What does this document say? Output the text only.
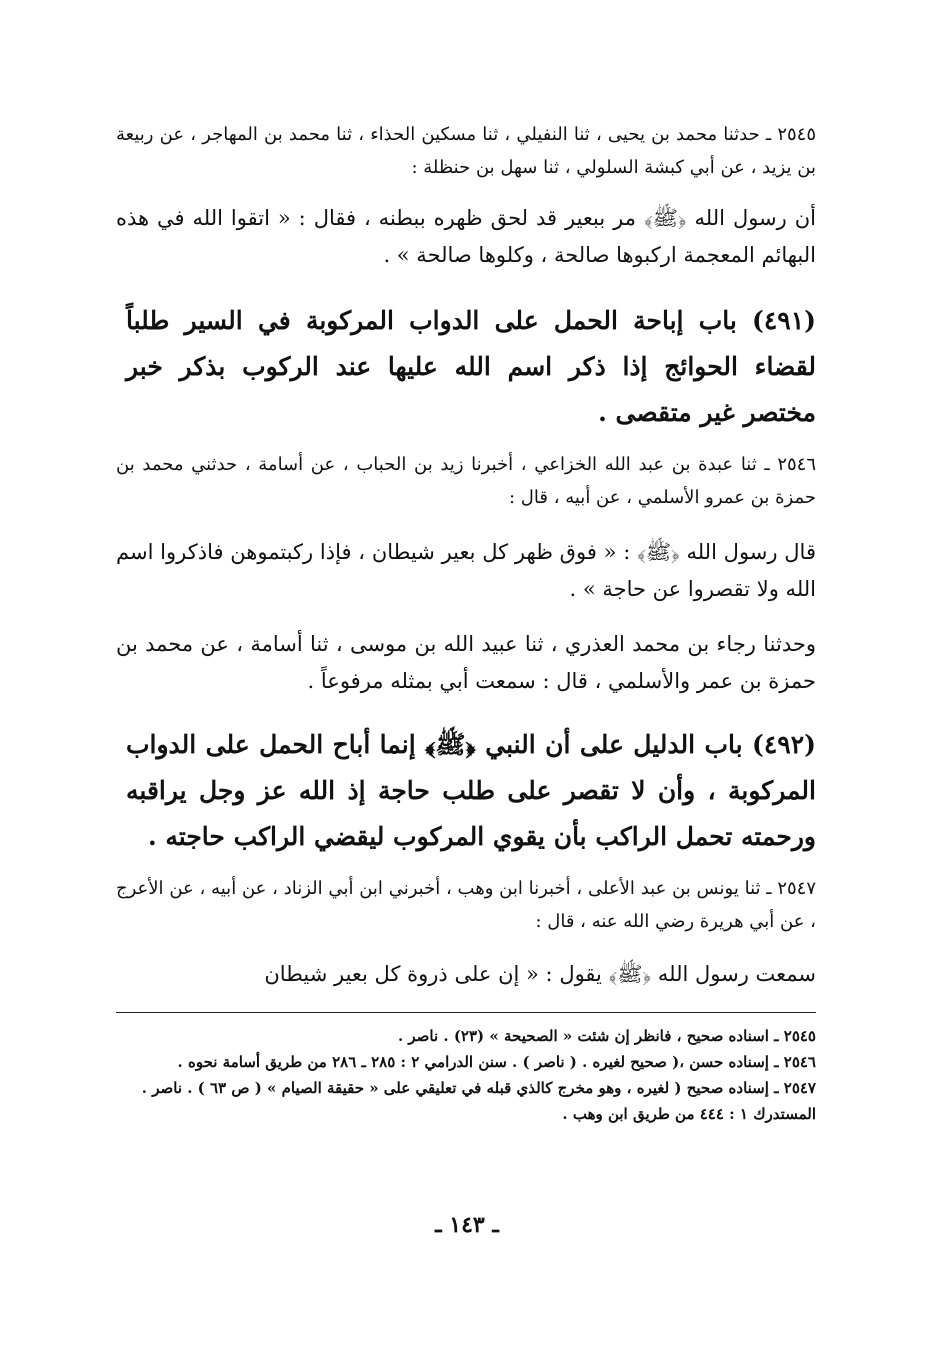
٢٥٤٥ ـ حدثنا محمد بن يحيى ، ثنا النفيلي ، ثنا مسكين الحذاء ، ثنا محمد بن المهاجر ، عن ربيعة بن يزيد ، عن أبي كبشة السلولي ، ثنا سهل بن حنظلة :

أن رسول الله ﴿ﷺ﴾ مر ببعير قد لحق ظهره ببطنه ، فقال : « اتقوا الله في هذه البهائم المعجمة اركبوها صالحة ، وكلوها صالحة » .

(٤٩١) باب إباحة الحمل على الدواب المركوبة في السير طلباً لقضاء الحوائج إذا ذكر اسم الله عليها عند الركوب بذكر خبر مختصر غير متقصى .

٢٥٤٦ ـ ثنا عبدة بن عبد الله الخزاعي ، أخبرنا زيد بن الحباب ، عن أسامة ، حدثني محمد بن حمزة بن عمرو الأسلمي ، عن أبيه ، قال :

قال رسول الله ﴿ﷺ﴾ : « فوق ظهر كل بعير شيطان ، فإذا ركبتموهن فاذكروا اسم الله ولا تقصروا عن حاجة » .

وحدثنا رجاء بن محمد العذري ، ثنا عبيد الله بن موسى ، ثنا أسامة ، عن محمد بن حمزة بن عمر والأسلمي ، قال : سمعت أبي بمثله مرفوعاً .

(٤٩٢) باب الدليل على أن النبي ﴿ﷺ﴾ إنما أباح الحمل على الدواب المركوبة ، وأن لا تقصر على طلب حاجة إذ الله عز وجل يراقبه ورحمته تحمل الراكب بأن يقوي المركوب ليقضي الراكب حاجته .

٢٥٤٧ ـ ثنا يونس بن عبد الأعلى ، أخبرنا ابن وهب ، أخبرني ابن أبي الزناد ، عن أبيه ، عن الأعرج ، عن أبي هريرة رضي الله عنه ، قال :

سمعت رسول الله ﴿ﷺ﴾ يقول : « إن على ذروة كل بعير شيطان

٢٥٤٥ ـ اسناده صحيح ، فانظر إن شئت « الصحيحة » (٢٣) . ناصر .

٢٥٤٦ ـ إسناده حسن ،( صحيح لغيره . ( ناصر ) . سنن الدرامي ٢ : ٢٨٥ ـ ٢٨٦ من طريق أسامة نحوه .

٢٥٤٧ ـ إسناده صحيح ( لغيره ، وهو مخرج كالذي قبله في تعليقي على « حقيقة الصيام » ( ص ٦٣ ) . ناصر . المستدرك ١ : ٤٤٤ من طريق ابن وهب .

ـ ١٤٣ ـ
